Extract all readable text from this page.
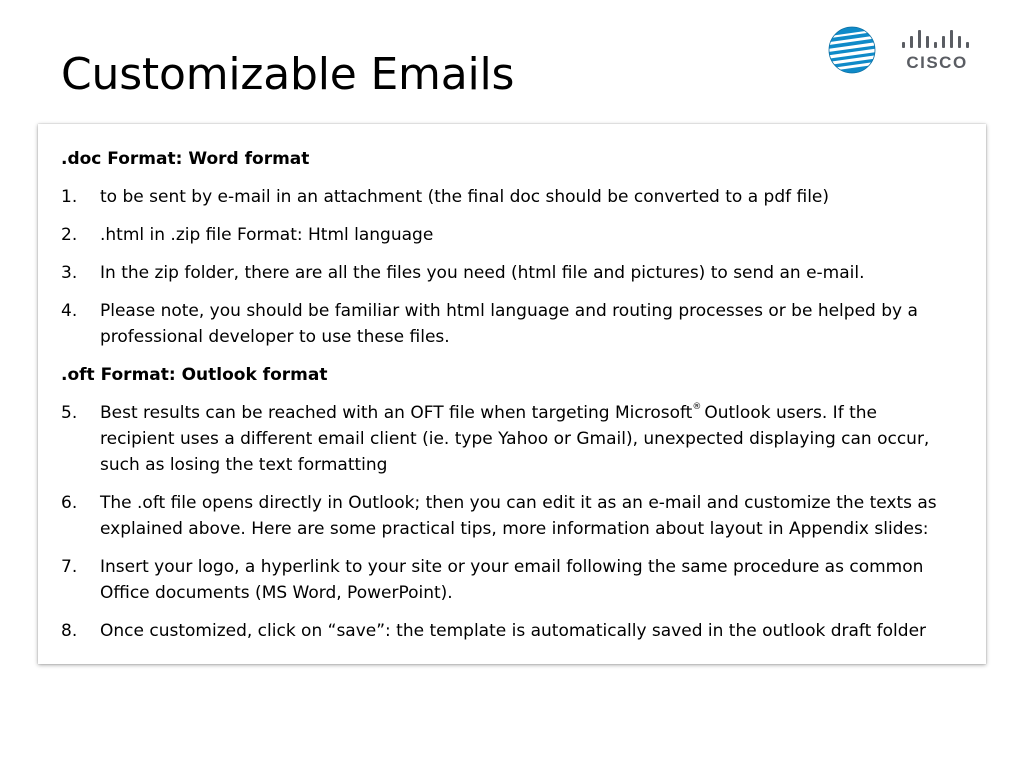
Customizable Emails	CISCO
.doc Format: Word format
1.	to be sent by e-mail in an attachment (the final doc should be converted to a pdf file)
2.	.html in .zip file Format: Html language
3.	In the zip folder, there are all the files you need (html file and pictures) to send an e-mail.
4.	Please note, you should be familiar with html language and routing processes or be helped by a professional developer to use these files.
.oft Format: Outlook format
5.	Best results can be reached with an OFT file when targeting Microsoft® Outlook users. If the recipient uses a different email client (ie. type Yahoo or Gmail), unexpected displaying can occur, such as losing the text formatting
6.	The .oft file opens directly in Outlook; then you can edit it as an e-mail and customize the texts as explained above. Here are some practical tips, more information about layout in Appendix slides:
7.	Insert your logo, a hyperlink to your site or your email following the same procedure as common Office documents (MS Word, PowerPoint).
8.	Once customized, click on “save”: the template is automatically saved in the outlook draft folder
